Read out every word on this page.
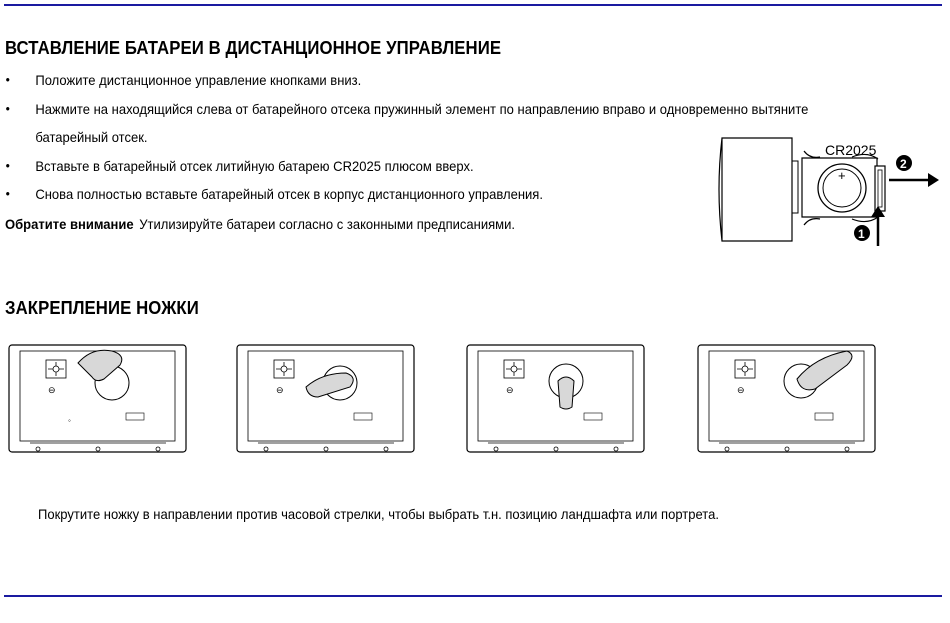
ВСТАВЛЕНИЕ БАТАРЕИ В ДИСТАНЦИОННОЕ УПРАВЛЕНИЕ
• Положите дистанционное управление кнопками вниз.
• Нажмите на находящийся слева от батарейного отсека пружинный элемент по направлению вправо и одновременно вытяните
батарейный отсек.
• Вставьте в батарейный отсек литийную батарею CR2025 плюсом вверх.
• Снова полностью вставьте батарейный отсек в корпус дистанционного управления.
Обратите внимание Утилизируйте батареи согласно с законными предписаниями.
+
CR2025
2
1
ЗАКРЕПЛЕНИЕ НОЖКИ
⊖
◦
⊖	⊖	⊖
Покрутите ножку в направлении против часовой стрелки, чтобы выбрать т.н. позицию ландшафта или портрета.
